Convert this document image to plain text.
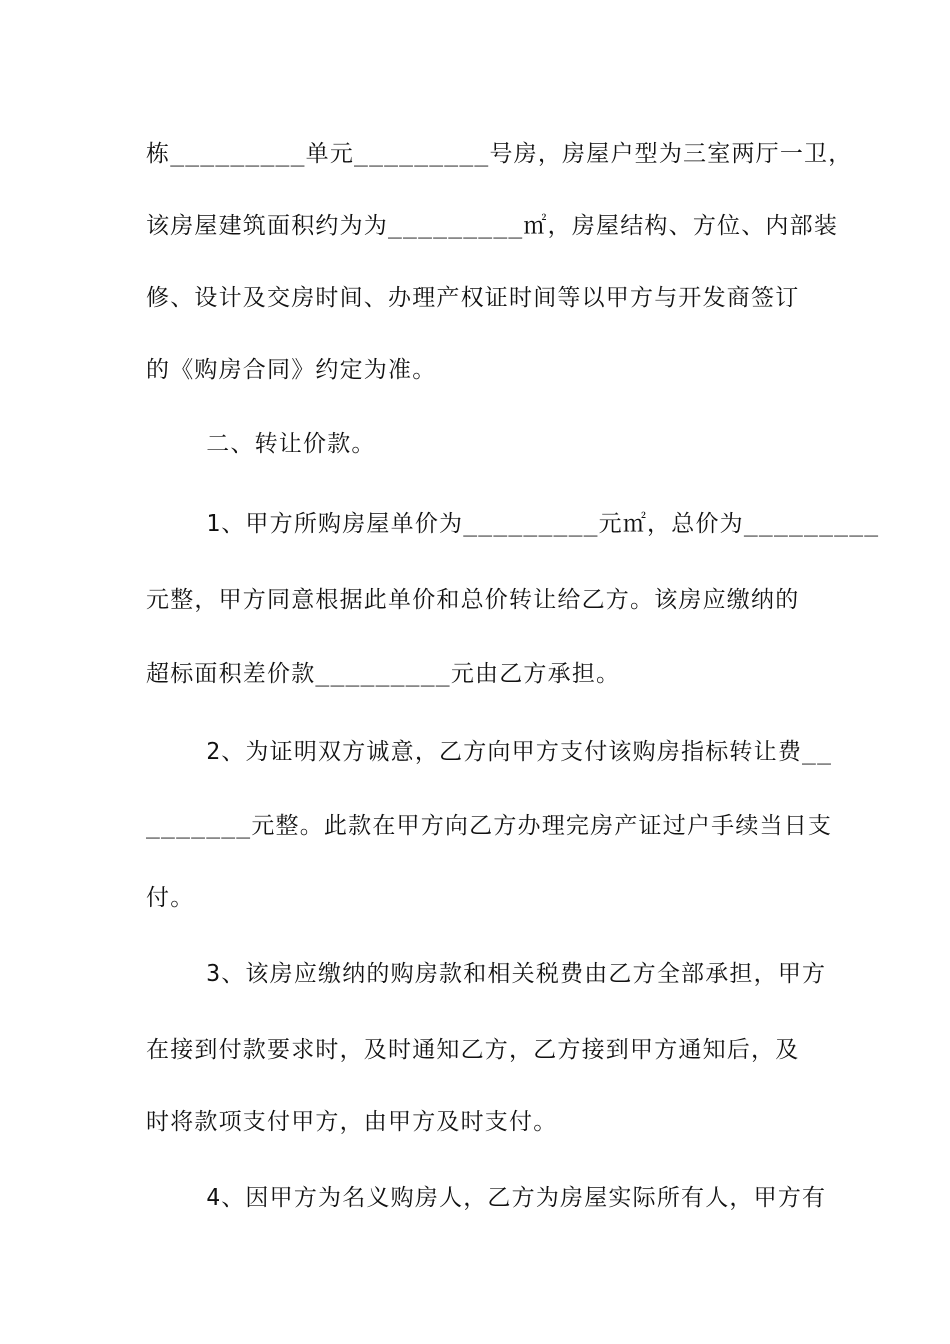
栋_________单元_________号房，房屋户型为三室两厅一卫，
该房屋建筑面积约为为_________㎡，房屋结构、方位、内部装
修、设计及交房时间、办理产权证时间等以甲方与开发商签订
的《购房合同》约定为准。
二、转让价款。
1、甲方所购房屋单价为_________元㎡，总价为_________
元整，甲方同意根据此单价和总价转让给乙方。该房应缴纳的
超标面积差价款_________元由乙方承担。
2、为证明双方诚意，乙方向甲方支付该购房指标转让费__
_______元整。此款在甲方向乙方办理完房产证过户手续当日支
付。
3、该房应缴纳的购房款和相关税费由乙方全部承担，甲方
在接到付款要求时，及时通知乙方，乙方接到甲方通知后，及
时将款项支付甲方，由甲方及时支付。
4、因甲方为名义购房人，乙方为房屋实际所有人，甲方有
